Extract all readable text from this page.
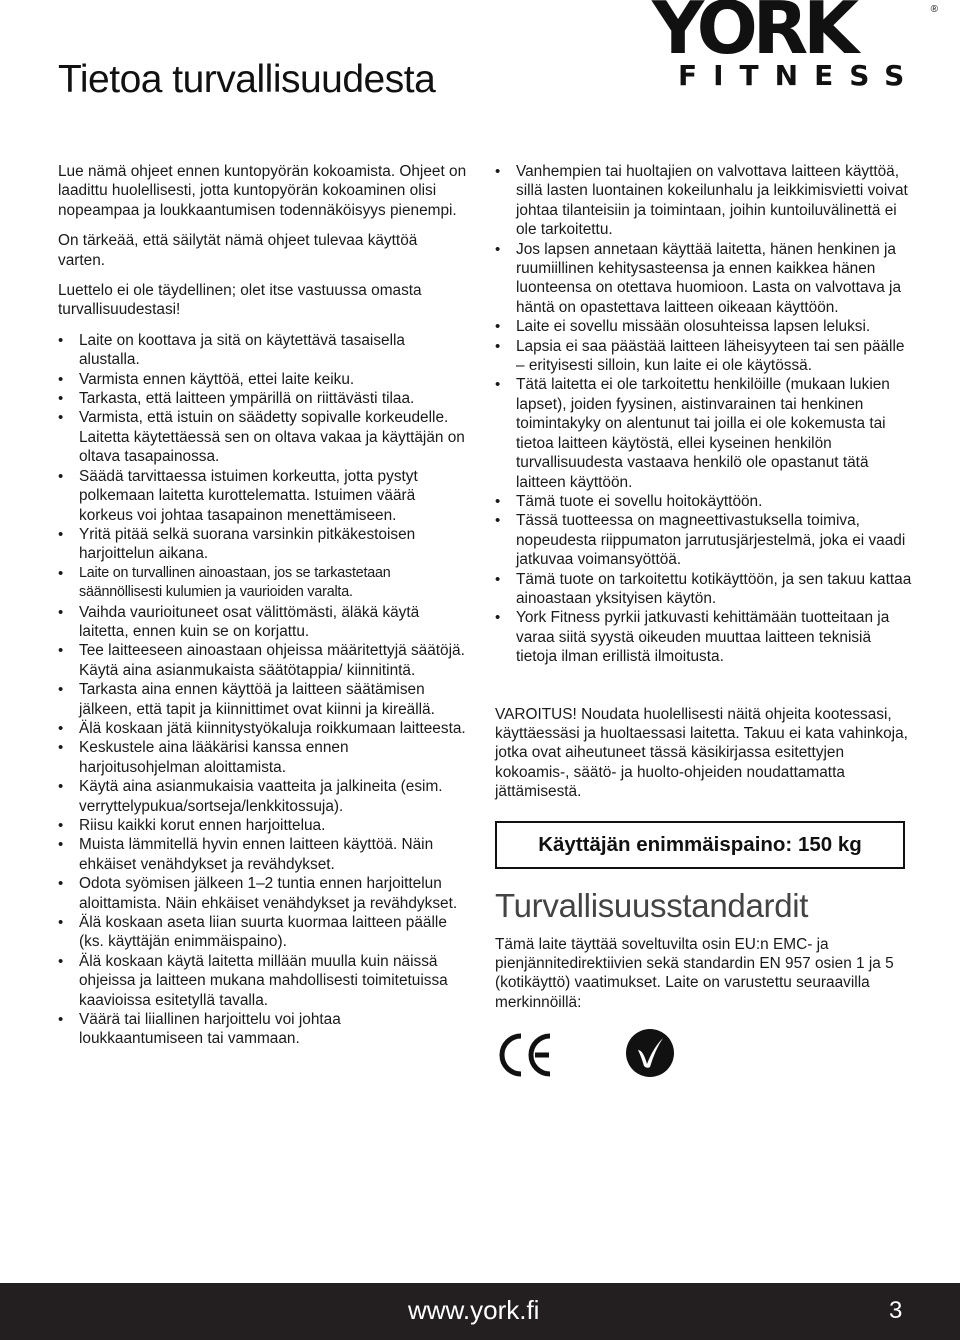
YORK	®
FITNESS
Tietoa turvallisuudesta

Lue nämä ohjeet ennen kuntopyörän kokoamista. Ohjeet on laadittu huolellisesti, jotta kuntopyörän kokoaminen olisi nopeampaa ja loukkaantumisen todennäköisyys pienempi.

On tärkeää, että säilytät nämä ohjeet tulevaa käyttöä varten.

Luettelo ei ole täydellinen; olet itse vastuussa omasta turvallisuudestasi!

• Laite on koottava ja sitä on käytettävä tasaisella alustalla.
• Varmista ennen käyttöä, ettei laite keiku.
• Tarkasta, että laitteen ympärillä on riittävästi tilaa.
• Varmista, että istuin on säädetty sopivalle korkeudelle. Laitetta käytettäessä sen on oltava vakaa ja käyttäjän on oltava tasapainossa.
• Säädä tarvittaessa istuimen korkeutta, jotta pystyt polkemaan laitetta kurottelematta. Istuimen väärä korkeus voi johtaa tasapainon menettämiseen.
• Yritä pitää selkä suorana varsinkin pitkäkestoisen harjoittelun aikana.
• Laite on turvallinen ainoastaan, jos se tarkastetaan säännöllisesti kulumien ja vaurioiden varalta.
• Vaihda vaurioituneet osat välittömästi, äläkä käytä laitetta, ennen kuin se on korjattu.
• Tee laitteeseen ainoastaan ohjeissa määritettyjä säätöjä. Käytä aina asianmukaista säätötappia/ kiinnitintä.
• Tarkasta aina ennen käyttöä ja laitteen säätämisen jälkeen, että tapit ja kiinnittimet ovat kiinni ja kireällä.
• Älä koskaan jätä kiinnitystyökaluja roikkumaan laitteesta.
• Keskustele aina lääkärisi kanssa ennen harjoitusohjelman aloittamista.
• Käytä aina asianmukaisia vaatteita ja jalkineita (esim. verryttelypukua/sortseja/lenkkitossuja).
• Riisu kaikki korut ennen harjoittelua.
• Muista lämmitellä hyvin ennen laitteen käyttöä. Näin ehkäiset venähdykset ja revähdykset.
• Odota syömisen jälkeen 1–2 tuntia ennen harjoittelun aloittamista. Näin ehkäiset venähdykset ja revähdykset.
• Älä koskaan aseta liian suurta kuormaa laitteen päälle (ks. käyttäjän enimmäispaino).
• Älä koskaan käytä laitetta millään muulla kuin näissä ohjeissa ja laitteen mukana mahdollisesti toimitetuissa kaavioissa esitetyllä tavalla.
• Väärä tai liiallinen harjoittelu voi johtaa loukkaantumiseen tai vammaan.
• Vanhempien tai huoltajien on valvottava laitteen käyttöä, sillä lasten luontainen kokeilunhalu ja leikkimisvietti voivat johtaa tilanteisiin ja toimintaan, joihin kuntoiluvälinettä ei ole tarkoitettu.
• Jos lapsen annetaan käyttää laitetta, hänen henkinen ja ruumiillinen kehitysasteensa ja ennen kaikkea hänen luonteensa on otettava huomioon. Lasta on valvottava ja häntä on opastettava laitteen oikeaan käyttöön.
• Laite ei sovellu missään olosuhteissa lapsen leluksi.
• Lapsia ei saa päästää laitteen läheisyyteen tai sen päälle – erityisesti silloin, kun laite ei ole käytössä.
• Tätä laitetta ei ole tarkoitettu henkilöille (mukaan lukien lapset), joiden fyysinen, aistinvarainen tai henkinen toimintakyky on alentunut tai joilla ei ole kokemusta tai tietoa laitteen käytöstä, ellei kyseinen henkilön turvallisuudesta vastaava henkilö ole opastanut tätä laitteen käyttöön.
• Tämä tuote ei sovellu hoitokäyttöön.
• Tässä tuotteessa on magneettivastuksella toimiva, nopeudesta riippumaton jarrutusjärjestelmä, joka ei vaadi jatkuvaa voimansyöttöä.
• Tämä tuote on tarkoitettu kotikäyttöön, ja sen takuu kattaa ainoastaan yksityisen käytön.
• York Fitness pyrkii jatkuvasti kehittämään tuotteitaan ja varaa siitä syystä oikeuden muuttaa laitteen teknisiä tietoja ilman erillistä ilmoitusta.

VAROITUS! Noudata huolellisesti näitä ohjeita kootessasi, käyttäessäsi ja huoltaessasi laitetta. Takuu ei kata vahinkoja, jotka ovat aiheutuneet tässä käsikirjassa esitettyjen kokoamis-, säätö- ja huolto-ohjeiden noudattamatta jättämisestä.

Käyttäjän enimmäispaino: 150 kg
Turvallisuusstandardit

Tämä laite täyttää soveltuvilta osin EU:n EMC- ja pienjännitedirektiivien sekä standardin EN 957 osien 1 ja 5 (kotikäyttö) vaatimukset. Laite on varustettu seuraavilla merkinnöillä:

www.york.fi	3
